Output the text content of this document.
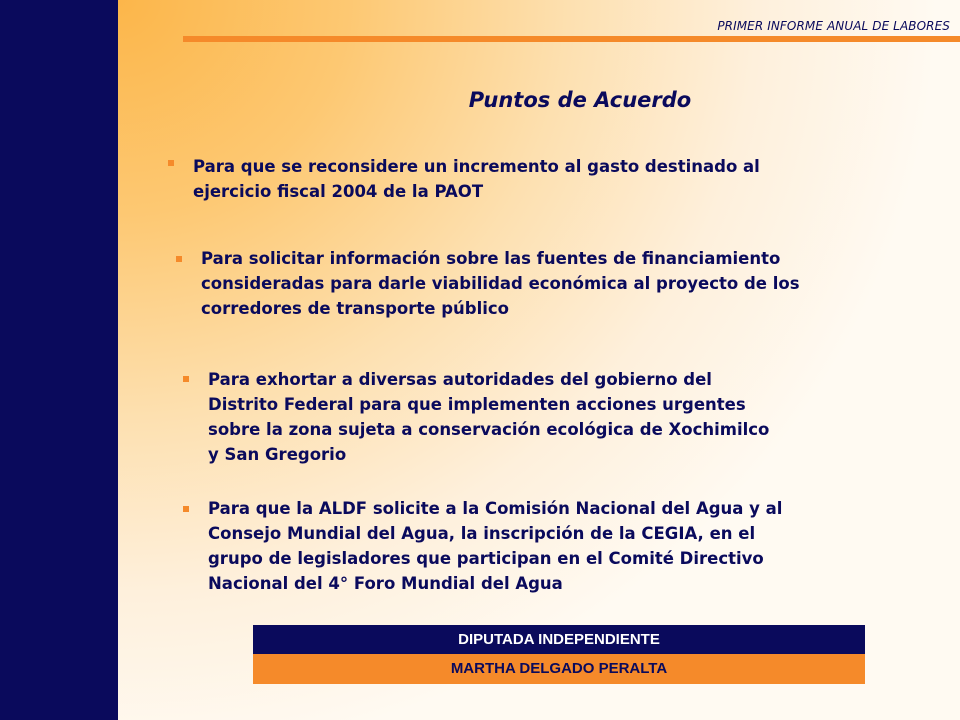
PRIMER INFORME ANUAL DE LABORES
Puntos de Acuerdo
Para que se reconsidere un incremento al gasto destinado al
ejercicio fiscal 2004 de la PAOT
Para solicitar información sobre las fuentes de financiamiento
consideradas para darle viabilidad económica al proyecto de los
corredores de transporte público
Para exhortar a diversas autoridades del gobierno del
Distrito Federal para que implementen acciones urgentes
sobre la zona sujeta a conservación ecológica de Xochimilco
y San Gregorio
Para que la ALDF solicite a la Comisión Nacional del Agua y al
Consejo Mundial del Agua, la inscripción de la CEGIA, en el
grupo de legisladores que participan en el Comité Directivo
Nacional del 4° Foro Mundial del Agua
DIPUTADA INDEPENDIENTE
MARTHA DELGADO PERALTA
